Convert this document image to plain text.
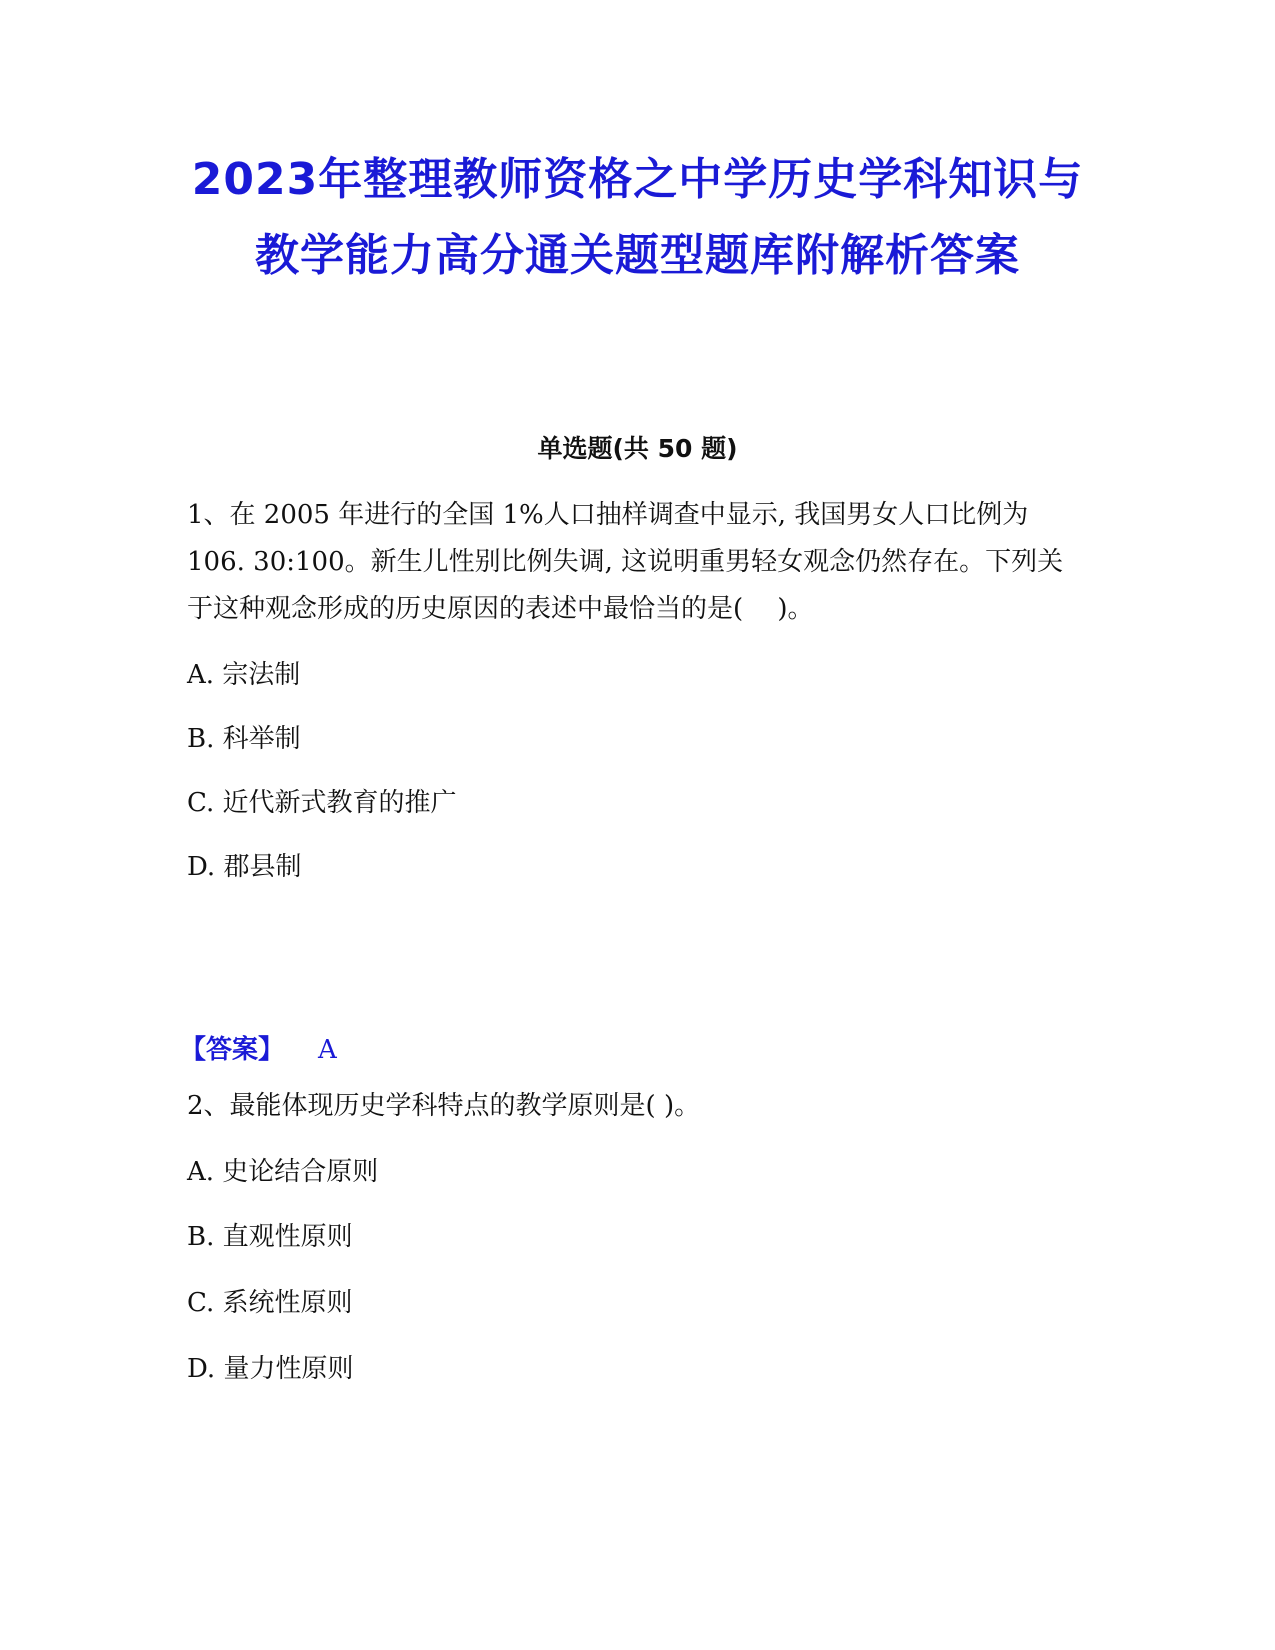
2023年整理教师资格之中学历史学科知识与教学能力高分通关题型题库附解析答案
单选题(共 50 题)

1、在 2005 年进行的全国 1%人口抽样调查中显示, 我国男女人口比例为 106. 30:100。新生儿性别比例失调, 这说明重男轻女观念仍然存在。下列关于这种观念形成的历史原因的表述中最恰当的是(　 )。

A. 宗法制

B. 科举制

C. 近代新式教育的推广

D. 郡县制

【答案】 A

2、最能体现历史学科特点的教学原则是( )。

A. 史论结合原则

B. 直观性原则

C. 系统性原则

D. 量力性原则
